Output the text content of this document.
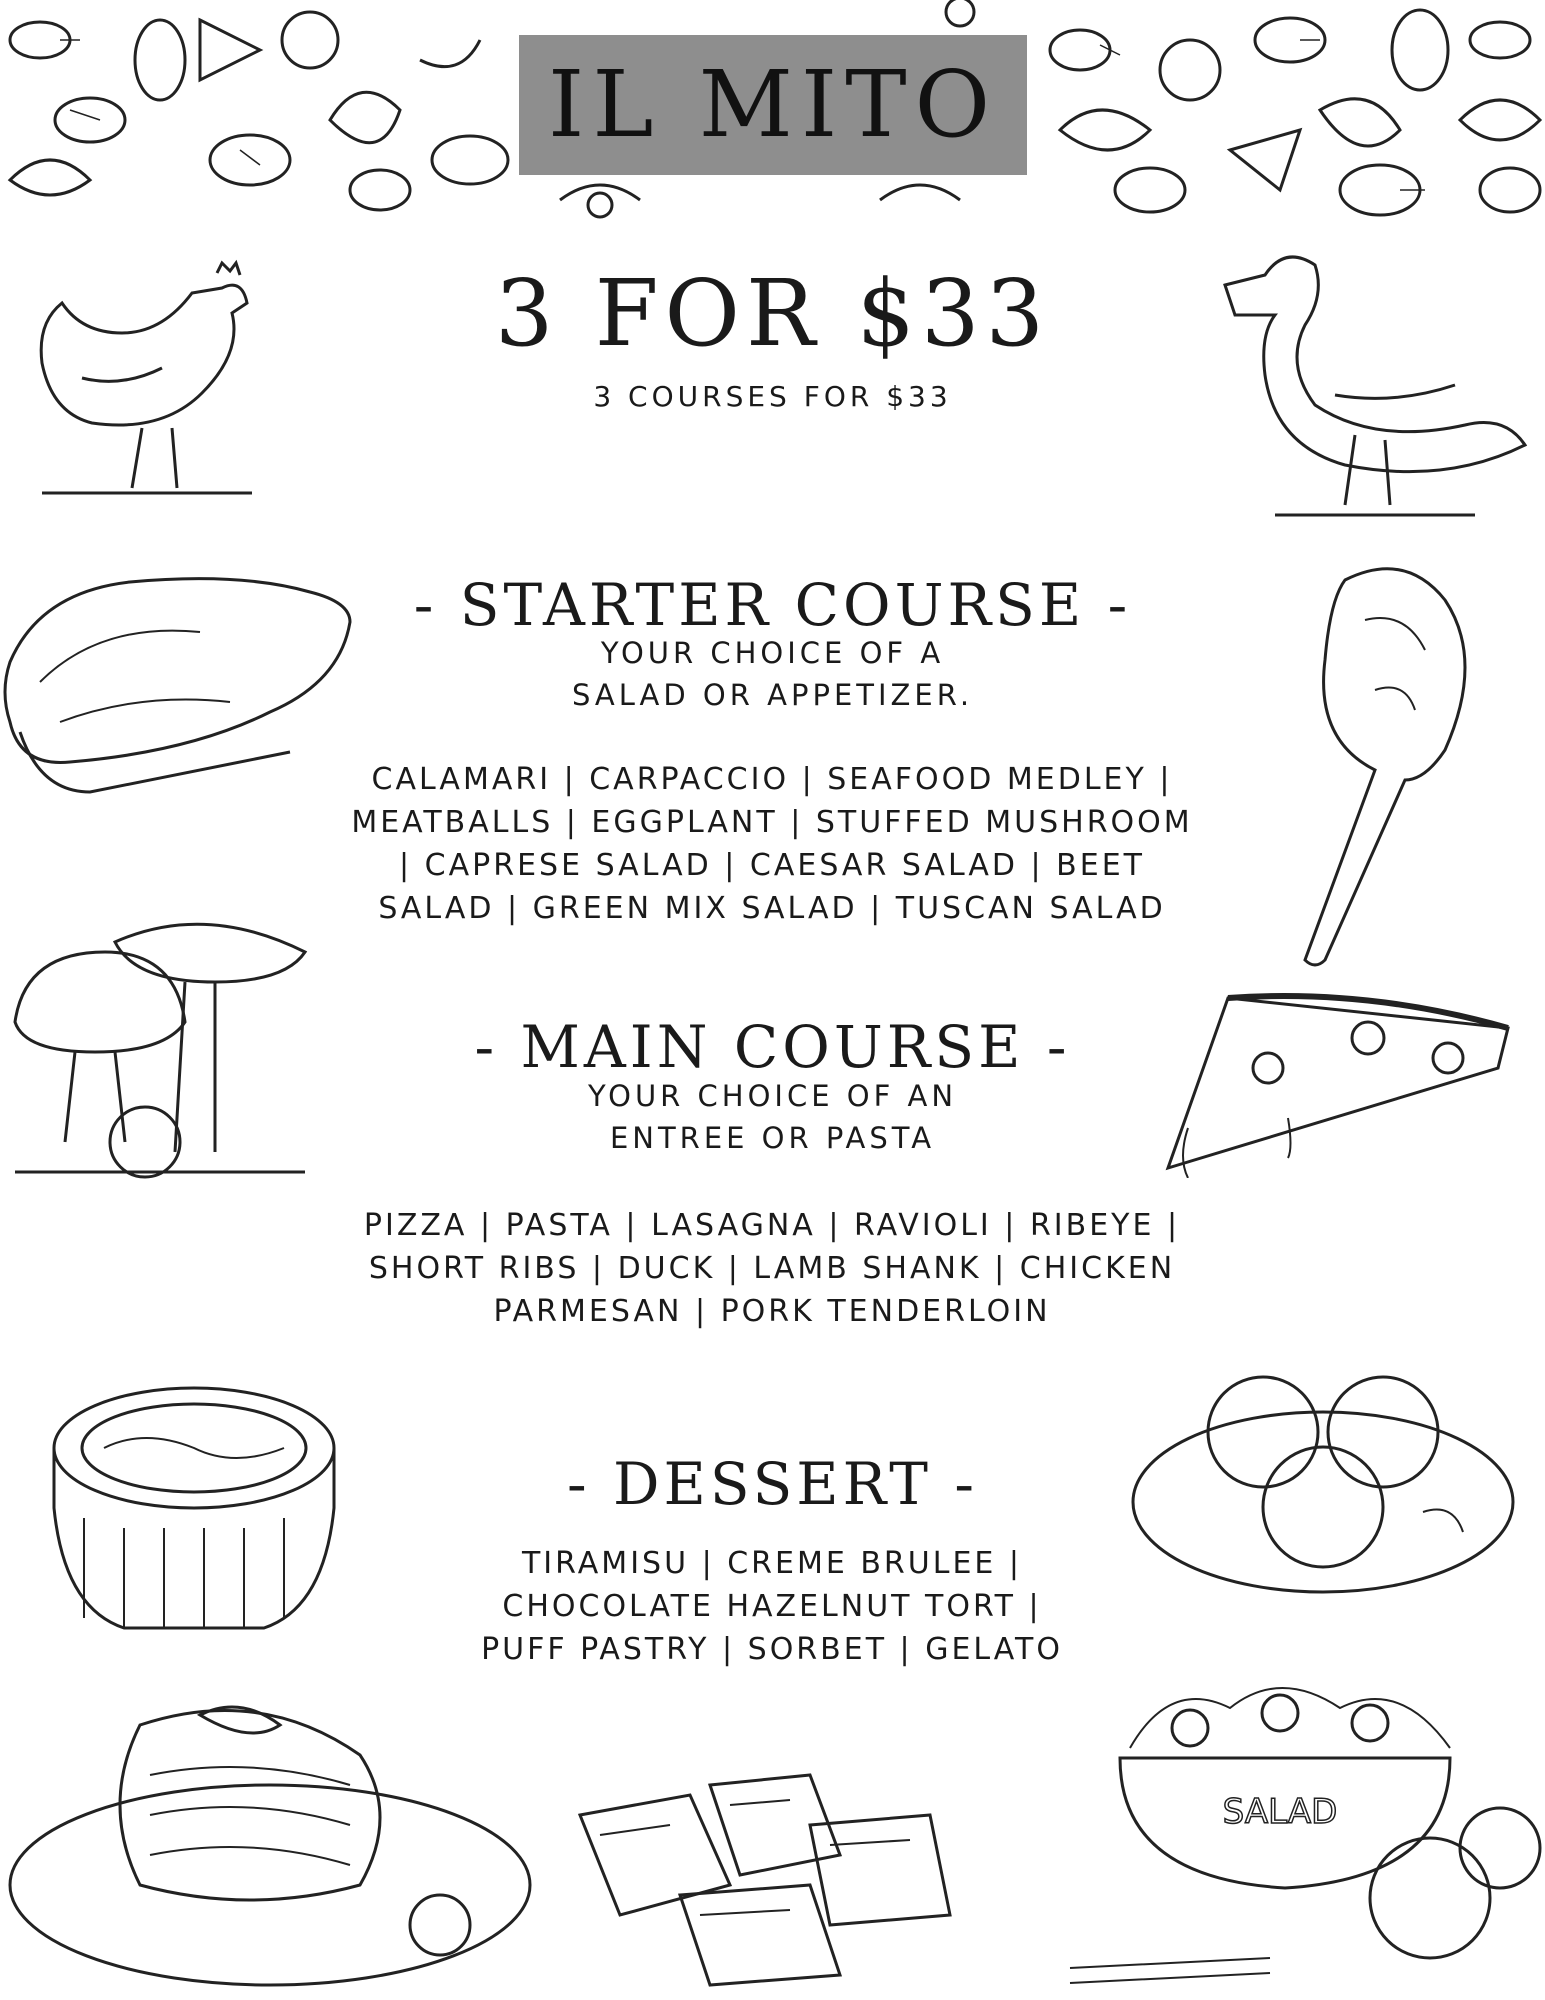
IL MITO
3 FOR $33
3 COURSES FOR $33
- STARTER COURSE -
YOUR CHOICE OF A
SALAD OR APPETIZER.
CALAMARI | CARPACCIO | SEAFOOD MEDLEY |
MEATBALLS | EGGPLANT | STUFFED MUSHROOM
| CAPRESE SALAD | CAESAR SALAD | BEET
SALAD | GREEN MIX SALAD | TUSCAN SALAD
- MAIN COURSE -
YOUR CHOICE OF AN
ENTREE OR PASTA
PIZZA | PASTA | LASAGNA | RAVIOLI | RIBEYE |
SHORT RIBS | DUCK | LAMB SHANK | CHICKEN
PARMESAN | PORK TENDERLOIN
- DESSERT -
TIRAMISU | CREME BRULEE |
CHOCOLATE HAZELNUT TORT |
PUFF PASTRY | SORBET | GELATO
SALAD
